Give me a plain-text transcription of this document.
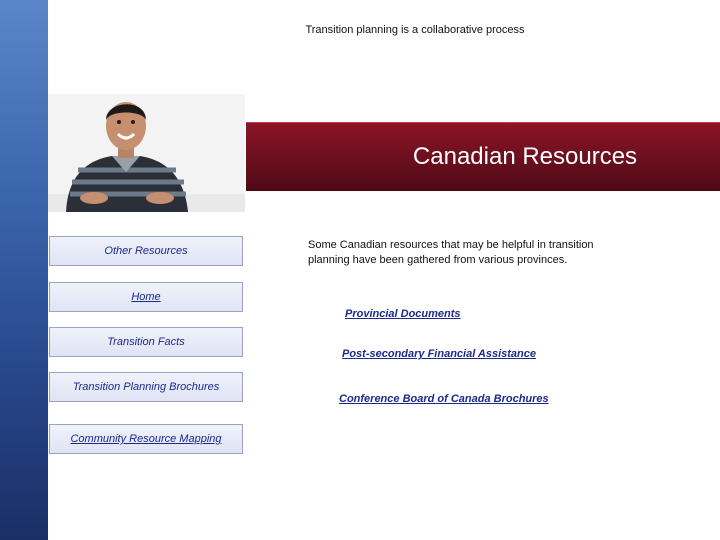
Transition planning is a collaborative process
Canadian Resources
Other Resources
Home
Transition Facts
Transition Planning Brochures
Community Resource Mapping
Some Canadian resources that may be helpful in transition planning have been gathered from various provinces.
Provincial Documents
Post-secondary Financial Assistance
Conference Board of Canada Brochures
